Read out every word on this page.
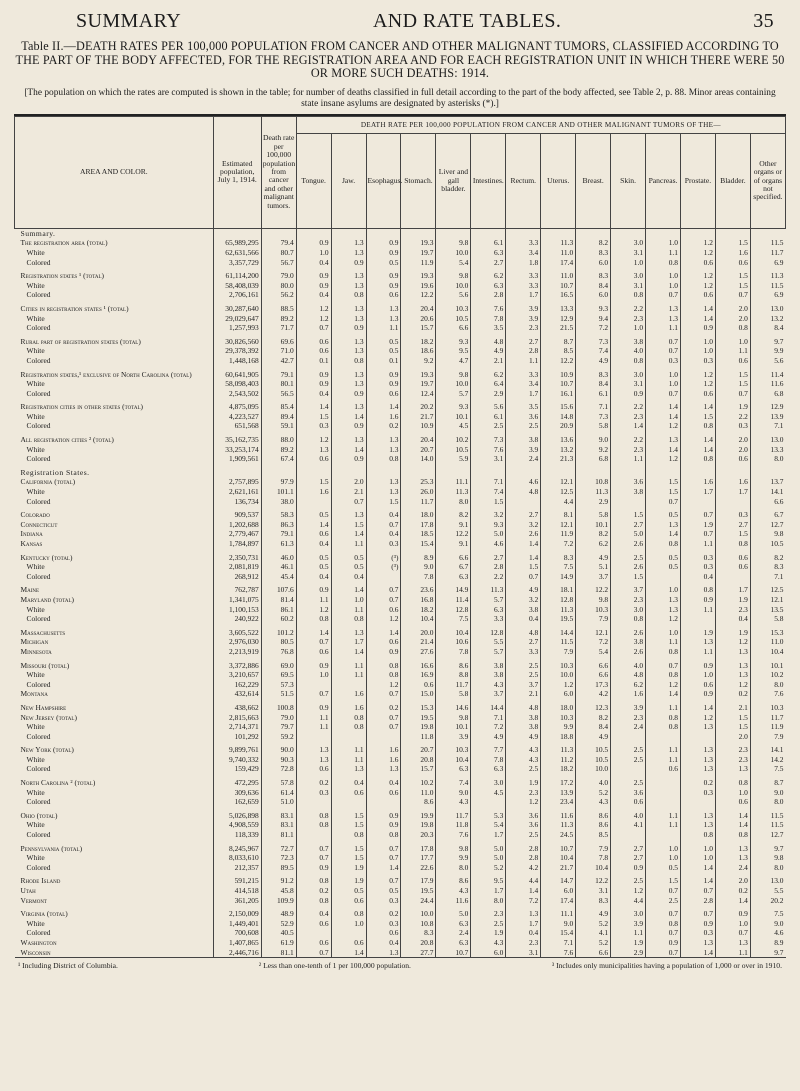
SUMMARY	AND RATE TABLES.	35
Table II.—DEATH RATES PER 100,000 POPULATION FROM CANCER AND OTHER MALIGNANT TUMORS, CLASSIFIED ACCORDING TO THE PART OF THE BODY AFFECTED, FOR THE REGISTRATION AREA AND FOR EACH REGISTRATION UNIT IN WHICH THERE WERE 50 OR MORE SUCH DEATHS: 1914.
[The population on which the rates are computed is shown in the table; for number of deaths classified in full detail according to the part of the body affected, see Table 2, p. 88. Minor areas containing state insane asylums are designated by asterisks (*).]
AREA AND COLOR.	Estimated population, July 1, 1914.	Death rate per 100,000 population from cancer and other malignant tumors.	DEATH RATE PER 100,000 POPULATION FROM CANCER AND OTHER MALIGNANT TUMORS OF THE—													
			Tongue.	Jaw.	Esophagus.	Stomach.	Liver and gall bladder.	Intestines.	Rectum.	Uterus.	Breast.	Skin.	Pancreas.	Prostate.	Bladder.	Other organs or of organs not specified.
Summary.																
The registration area (total)	65,989,295	79.4	0.9	1.3	0.9	19.3	9.8	6.1	3.3	11.3	8.2	3.0	1.0	1.2	1.5	11.5
White	62,631,566	80.7	1.0	1.3	0.9	19.7	10.0	6.3	3.4	11.0	8.3	3.1	1.1	1.2	1.6	11.7
Colored	3,357,729	56.7	0.4	0.9	0.5	11.9	5.4	2.7	1.8	17.4	6.0	1.0	0.8	0.6	0.6	6.9

Registration states ¹ (total)	61,114,200	79.0	0.9	1.3	0.9	19.3	9.8	6.2	3.3	11.0	8.3	3.0	1.0	1.2	1.5	11.3
White	58,408,039	80.0	0.9	1.3	0.9	19.6	10.0	6.3	3.3	10.7	8.4	3.1	1.0	1.2	1.5	11.5
Colored	2,706,161	56.2	0.4	0.8	0.6	12.2	5.6	2.8	1.7	16.5	6.0	0.8	0.7	0.6	0.7	6.9

Cities in registration states ¹ (total)	30,287,640	88.5	1.2	1.3	1.3	20.4	10.3	7.6	3.9	13.3	9.3	2.2	1.3	1.4	2.0	13.0
White	29,029,647	89.2	1.2	1.3	1.3	20.6	10.5	7.8	3.9	12.9	9.4	2.3	1.3	1.4	2.0	13.2
Colored	1,257,993	71.7	0.7	0.9	1.1	15.7	6.6	3.5	2.3	21.5	7.2	1.0	1.1	0.9	0.8	8.4

Rural part of registration states (total)	30,826,560	69.6	0.6	1.3	0.5	18.2	9.3	4.8	2.7	8.7	7.3	3.8	0.7	1.0	1.0	9.7
White	29,378,392	71.0	0.6	1.3	0.5	18.6	9.5	4.9	2.8	8.5	7.4	4.0	0.7	1.0	1.1	9.9
Colored	1,448,168	42.7	0.1	0.8	0.1	9.2	4.7	2.1	1.1	12.2	4.9	0.8	0.3	0.3	0.6	5.6

Registration states,¹ exclusive of North Carolina (total)	60,641,905	79.1	0.9	1.3	0.9	19.3	9.8	6.2	3.3	10.9	8.3	3.0	1.0	1.2	1.5	11.4
White	58,098,403	80.1	0.9	1.3	0.9	19.7	10.0	6.4	3.4	10.7	8.4	3.1	1.0	1.2	1.5	11.6
Colored	2,543,502	56.5	0.4	0.9	0.6	12.4	5.7	2.9	1.7	16.1	6.1	0.9	0.7	0.6	0.7	6.8

Registration cities in other states (total)	4,875,095	85.4	1.4	1.3	1.4	20.2	9.3	5.6	3.5	15.6	7.1	2.2	1.4	1.4	1.9	12.9
White	4,223,527	89.4	1.5	1.4	1.6	21.7	10.1	6.1	3.6	14.8	7.3	2.3	1.4	1.5	2.2	13.9
Colored	651,568	59.1	0.3	0.9	0.2	10.9	4.5	2.5	2.5	20.9	5.8	1.4	1.2	0.8	0.3	7.1

All registration cities ² (total)	35,162,735	88.0	1.2	1.3	1.3	20.4	10.2	7.3	3.8	13.6	9.0	2.2	1.3	1.4	2.0	13.0
White	33,253,174	89.2	1.3	1.4	1.3	20.7	10.5	7.6	3.9	13.2	9.2	2.3	1.4	1.4	2.0	13.3
Colored	1,909,561	67.4	0.6	0.9	0.8	14.0	5.9	3.1	2.4	21.3	6.8	1.1	1.2	0.8	0.6	8.0

Registration States.																
California (total)	2,757,895	97.9	1.5	2.0	1.3	25.3	11.1	7.1	4.6	12.1	10.8	3.6	1.5	1.6	1.6	13.7
White	2,621,161	101.1	1.6	2.1	1.3	26.0	11.3	7.4	4.8	12.5	11.3	3.8	1.5	1.7	1.7	14.1
Colored	136,734	38.0		0.7	1.5	11.7	8.0	1.5		4.4	2.9		0.7			6.6

Colorado	909,537	58.3	0.5	1.3	0.4	18.0	8.2	3.2	2.7	8.1	5.8	1.5	0.5	0.7	0.3	6.7
Connecticut	1,202,688	86.3	1.4	1.5	0.7	17.8	9.1	9.3	3.2	12.1	10.1	2.7	1.3	1.9	2.7	12.7
Indiana	2,779,467	79.1	0.6	1.4	0.4	18.5	12.2	5.0	2.6	11.9	8.2	5.0	1.4	0.7	1.5	9.8
Kansas	1,784,897	61.3	0.4	1.1	0.3	15.4	9.1	4.6	1.4	7.2	6.2	2.6	0.8	1.1	0.8	10.5

Kentucky (total)	2,350,731	46.0	0.5	0.5	(³)	8.9	6.6	2.7	1.4	8.3	4.9	2.5	0.5	0.3	0.6	8.2
White	2,081,819	46.1	0.5	0.5	(³)	9.0	6.7	2.8	1.5	7.5	5.1	2.6	0.5	0.3	0.6	8.3
Colored	268,912	45.4	0.4	0.4		7.8	6.3	2.2	0.7	14.9	3.7	1.5		0.4		7.1

Maine	762,787	107.6	0.9	1.4	0.7	23.6	14.9	11.3	4.9	18.1	12.2	3.7	1.0	0.8	1.7	12.5
Maryland (total)	1,341,075	81.4	1.1	1.0	0.7	16.8	11.4	5.7	3.2	12.8	9.8	2.3	1.3	0.9	1.9	12.1
White	1,100,153	86.1	1.2	1.1	0.6	18.2	12.8	6.3	3.8	11.3	10.3	3.0	1.3	1.1	2.3	13.5
Colored	240,922	60.2	0.8	0.8	1.2	10.4	7.5	3.3	0.4	19.5	7.9	0.8	1.2		0.4	5.8

Massachusetts	3,605,522	101.2	1.4	1.3	1.4	20.0	10.4	12.8	4.8	14.4	12.1	2.6	1.0	1.9	1.9	15.3
Michigan	2,976,030	80.5	0.7	1.7	0.6	21.4	10.6	5.5	2.7	11.5	7.2	3.8	1.1	1.3	1.2	11.0
Minnesota	2,213,919	76.8	0.6	1.4	0.9	27.6	7.8	5.7	3.3	7.9	5.4	2.6	0.8	1.1	1.3	10.4

Missouri (total)	3,372,886	69.0	0.9	1.1	0.8	16.6	8.6	3.8	2.5	10.3	6.6	4.0	0.7	0.9	1.3	10.1
White	3,210,657	69.5	1.0	1.1	0.8	16.9	8.8	3.8	2.5	10.0	6.6	4.8	0.8	1.0	1.3	10.2
Colored	162,229	57.3			1.2	0.6	11.7	4.3	3.7	1.2	17.3	6.2	1.2	0.6	1.2	8.0
Montana	432,614	51.5	0.7	1.6	0.7	15.0	5.8	3.7	2.1	6.0	4.2	1.6	1.4	0.9	0.2	7.6

New Hampshire	438,662	100.8	0.9	1.6	0.2	15.3	14.6	14.4	4.8	18.0	12.3	3.9	1.1	1.4	2.1	10.3
New Jersey (total)	2,815,663	79.0	1.1	0.8	0.7	19.5	9.8	7.1	3.8	10.3	8.2	2.3	0.8	1.2	1.5	11.7
White	2,714,371	79.7	1.1	0.8	0.7	19.8	10.1	7.2	3.8	9.9	8.4	2.4	0.8	1.3	1.5	11.9
Colored	101,292	59.2				11.8	3.9	4.9	4.9	18.8	4.9				2.0	7.9

New York (total)	9,899,761	90.0	1.3	1.1	1.6	20.7	10.3	7.7	4.3	11.3	10.5	2.5	1.1	1.3	2.3	14.1
White	9,740,332	90.3	1.3	1.1	1.6	20.8	10.4	7.8	4.3	11.2	10.5	2.5	1.1	1.3	2.3	14.2
Colored	159,429	72.8	0.6	1.3	1.3	15.7	6.3	6.3	2.5	18.2	10.0		0.6	1.3	1.3	7.5

North Carolina ² (total)	472,295	57.8	0.2	0.4	0.4	10.2	7.4	3.0	1.9	17.2	4.0	2.5		0.2	0.8	8.7
White	309,636	61.4	0.3	0.6	0.6	11.0	9.0	4.5	2.3	13.9	5.2	3.6		0.3	1.0	9.0
Colored	162,659	51.0				8.6	4.3		1.2	23.4	4.3	0.6			0.6	8.0

Ohio (total)	5,026,898	83.1	0.8	1.5	0.9	19.9	11.7	5.3	3.6	11.6	8.6	4.0	1.1	1.3	1.4	11.5
White	4,908,559	83.1	0.8	1.5	0.9	19.8	11.8	5.4	3.6	11.3	8.6	4.1	1.1	1.3	1.4	11.5
Colored	118,339	81.1		0.8	0.8	20.3	7.6	1.7	2.5	24.5	8.5			0.8	0.8	12.7

Pennsylvania (total)	8,245,967	72.7	0.7	1.5	0.7	17.8	9.8	5.0	2.8	10.7	7.9	2.7	1.0	1.0	1.3	9.7
White	8,033,610	72.3	0.7	1.5	0.7	17.7	9.9	5.0	2.8	10.4	7.8	2.7	1.0	1.0	1.3	9.8
Colored	212,357	89.5	0.9	1.9	1.4	22.6	8.0	5.2	4.2	21.7	10.4	0.9	0.5	1.4	2.4	8.0

Rhode Island	591,215	91.2	0.8	1.9	0.7	17.9	8.6	9.5	4.4	14.7	12.2	2.5	1.5	1.4	2.0	13.0
Utah	414,518	45.8	0.2	0.5	0.5	19.5	4.3	1.7	1.4	6.0	3.1	1.2	0.7	0.7	0.2	5.5
Vermont	361,205	109.9	0.8	0.6	0.3	24.4	11.6	8.0	7.2	17.4	8.3	4.4	2.5	2.8	1.4	20.2

Virginia (total)	2,150,009	48.9	0.4	0.8	0.2	10.0	5.0	2.3	1.3	11.1	4.9	3.0	0.7	0.7	0.9	7.5
White	1,449,401	52.9	0.6	1.0	0.3	10.8	6.3	2.5	1.7	9.0	5.2	3.9	0.8	0.9	1.0	9.0
Colored	700,608	40.5			0.6	8.3	2.4	1.9	0.4	15.4	4.1	1.1	0.7	0.3	0.7	4.6
Washington	1,407,865	61.9	0.6	0.6	0.4	20.8	6.3	4.3	2.3	7.1	5.2	1.9	0.9	1.3	1.3	8.9
Wisconsin	2,446,716	81.1	0.7	1.4	1.3	27.7	10.7	6.0	3.1	7.6	6.6	2.9	0.7	1.4	1.1	9.7
¹ Including District of Columbia.	² Less than one-tenth of 1 per 100,000 population.	³ Includes only municipalities having a population of 1,000 or over in 1910.
